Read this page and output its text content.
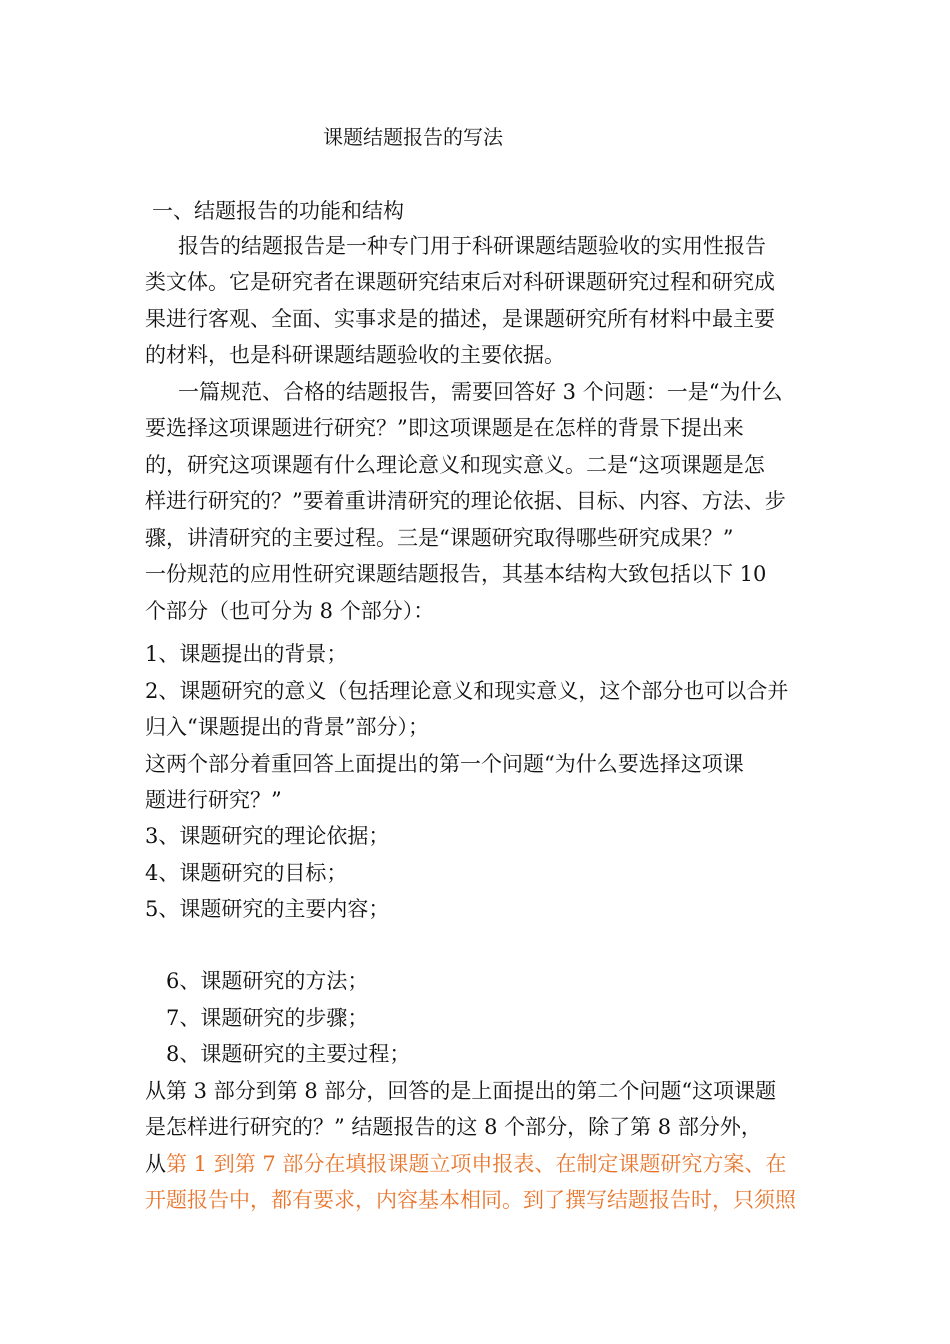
课题结题报告的写法
一、结题报告的功能和结构
报告的结题报告是一种专门用于科研课题结题验收的实用性报告
类文体。它是研究者在课题研究结束后对科研课题研究过程和研究成
果进行客观、全面、实事求是的描述，是课题研究所有材料中最主要
的材料，也是科研课题结题验收的主要依据。
一篇规范、合格的结题报告，需要回答好 3 个问题：一是“为什么
要选择这项课题进行研究？”即这项课题是在怎样的背景下提出来
的，研究这项课题有什么理论意义和现实意义。二是“这项课题是怎
样进行研究的？”要着重讲清研究的理论依据、目标、内容、方法、步
骤，讲清研究的主要过程。三是“课题研究取得哪些研究成果？”
一份规范的应用性研究课题结题报告，其基本结构大致包括以下 10
个部分（也可分为 8 个部分）：
1、课题提出的背景；
2、课题研究的意义（包括理论意义和现实意义，这个部分也可以合并
归入“课题提出的背景”部分）；
这两个部分着重回答上面提出的第一个问题“为什么要选择这项课
题进行研究？”
3、课题研究的理论依据；
4、课题研究的目标；
5、课题研究的主要内容；
6、课题研究的方法；
7、课题研究的步骤；
8、课题研究的主要过程；
从第 3 部分到第 8 部分，回答的是上面提出的第二个问题“这项课题
是怎样进行研究的？” 结题报告的这 8 个部分，除了第 8 部分外，
从第 1 到第 7 部分在填报课题立项申报表、在制定课题研究方案、在
开题报告中，都有要求，内容基本相同。到了撰写结题报告时，只须照
